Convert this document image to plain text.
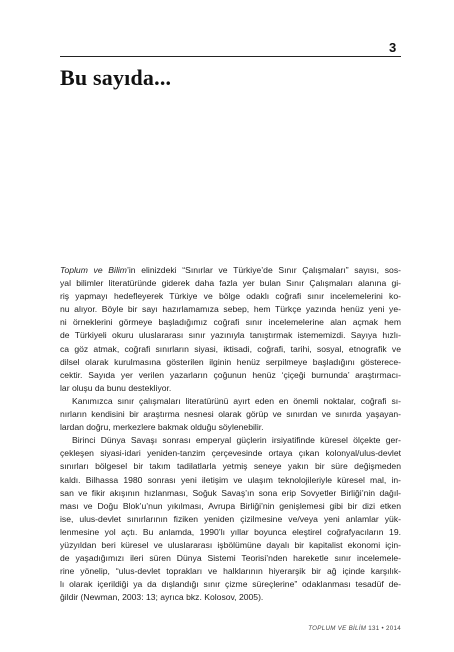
3
Bu sayıda...
Toplum ve Bilim’in elinizdeki “Sınırlar ve Türkiye’de Sınır Çalışmaları” sayısı, sos-
yal bilimler literatüründe giderek daha fazla yer bulan Sınır Çalışmaları alanına gi-
riş yapmayı hedefleyerek Türkiye ve bölge odaklı coğrafi sınır incelemelerini ko-
nu alıyor. Böyle bir sayı hazırlamamıza sebep, hem Türkçe yazında henüz yeni ye-
ni örneklerini görmeye başladığımız coğrafi sınır incelemelerine alan açmak hem
de Türkiyeli okuru uluslararası sınır yazınıyla tanıştırmak istememizdi. Sayıya hızlı-
ca göz atmak, coğrafi sınırların siyasi, iktisadi, coğrafi, tarihi, sosyal, etnografik ve
dilsel olarak kurulmasına gösterilen ilginin henüz serpilmeye başladığını gösterece-
cektir. Sayıda yer verilen yazarların çoğunun henüz ‘çiçeği burnunda’ araştırmacı-
lar oluşu da bunu destekliyor.
Kanımızca sınır çalışmaları literatürünü ayırt eden en önemli noktalar, coğrafi sı-
nırların kendisini bir araştırma nesnesi olarak görüp ve sınırdan ve sınırda yaşayan-
lardan doğru, merkezlere bakmak olduğu söylenebilir.
Birinci Dünya Savaşı sonrası emperyal güçlerin irsiyatifinde küresel ölçekte ger-
çekleşen siyasi-idari yeniden-tanzim çerçevesinde ortaya çıkan kolonyal/ulus-devlet
sınırları bölgesel bir takım tadilatlarla yetmiş seneye yakın bir süre değişmeden
kaldı. Bilhassa 1980 sonrası yeni iletişim ve ulaşım teknolojileriyle küresel mal, in-
san ve fikir akışının hızlanması, Soğuk Savaş’ın sona erip Sovyetler Birliği’nin dağıl-
ması ve Doğu Blok’u’nun yıkılması, Avrupa Birliği’nin genişlemesi gibi bir dizi etken
ise, ulus-devlet sınırlarının fiziken yeniden çizilmesine ve/veya yeni anlamlar yük-
lenmesine yol açtı. Bu anlamda, 1990’lı yıllar boyunca eleştirel coğrafyacıların 19.
yüzyıldan beri küresel ve uluslararası işbölümüne dayalı bir kapitalist ekonomi için-
de yaşadığımızı ileri süren Dünya Sistemi Teorisi’nden hareketle sınır incelemele-
rine yönelip, “ulus-devlet toprakları ve halklarının hiyerarşik bir ağ içinde karşılık-
lı olarak içerildiği ya da dışlandığı sınır çizme süreçlerine” odaklanması tesadüf de-
ğildir (Newman, 2003: 13; ayrıca bkz. Kolosov, 2005).
TOPLUM VE BİLİM 131 • 2014
